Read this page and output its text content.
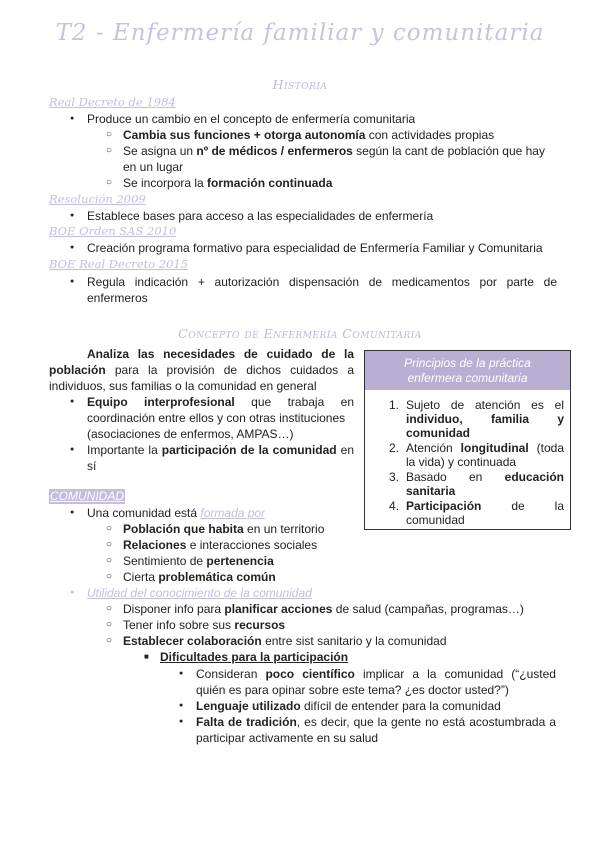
T2 - Enfermería familiar y comunitaria
Historia
Real Decreto de 1984
● Produce un cambio en el concepto de enfermería comunitaria
○ Cambia sus funciones + otorga autonomía con actividades propias
○ Se asigna un nº de médicos / enfermeros según la cant de población que hay
en un lugar
○ Se incorpora la formación continuada
Resolución 2009
● Establece bases para acceso a las especialidades de enfermería
BOE Orden SAS 2010
● Creación programa formativo para especialidad de Enfermería Familiar y Comunitaria
BOE Real Decreto 2015
● Regula indicación + autorización dispensación de medicamentos por parte de
enfermeros
Concepto de Enfermería Comunitaria
Analiza las necesidades de cuidado de la
población para la provisión de dichos cuidados a
individuos, sus familias o la comunidad en general
● Equipo interprofesional que trabaja en
coordinación entre ellos y con otras instituciones
(asociaciones de enfermos, AMPAS…)
● Importante la participación de la comunidad en
sí
Principios de la práctica
enfermera comunitaria
1. Sujeto de atención es el
individuo, familia y
comunidad
2. Atención longitudinal (toda
la vida) y continuada
3. Basado en educación
sanitaria
4. Participación de la
comunidad
COMUNIDAD
● Una comunidad está formada por
○ Población que habita en un territorio
○ Relaciones e interacciones sociales
○ Sentimiento de pertenencia
○ Cierta problemática común
● Utilidad del conocimiento de la comunidad
○ Disponer info para planificar acciones de salud (campañas, programas…)
○ Tener info sobre sus recursos
○ Establecer colaboración entre sist sanitario y la comunidad
■ Dificultades para la participación
● Consideran poco científico implicar a la comunidad (“¿usted
quién es para opinar sobre este tema? ¿es doctor usted?”)
● Lenguaje utilizado difícil de entender para la comunidad
● Falta de tradición, es decir, que la gente no está acostumbrada a
participar activamente en su salud
